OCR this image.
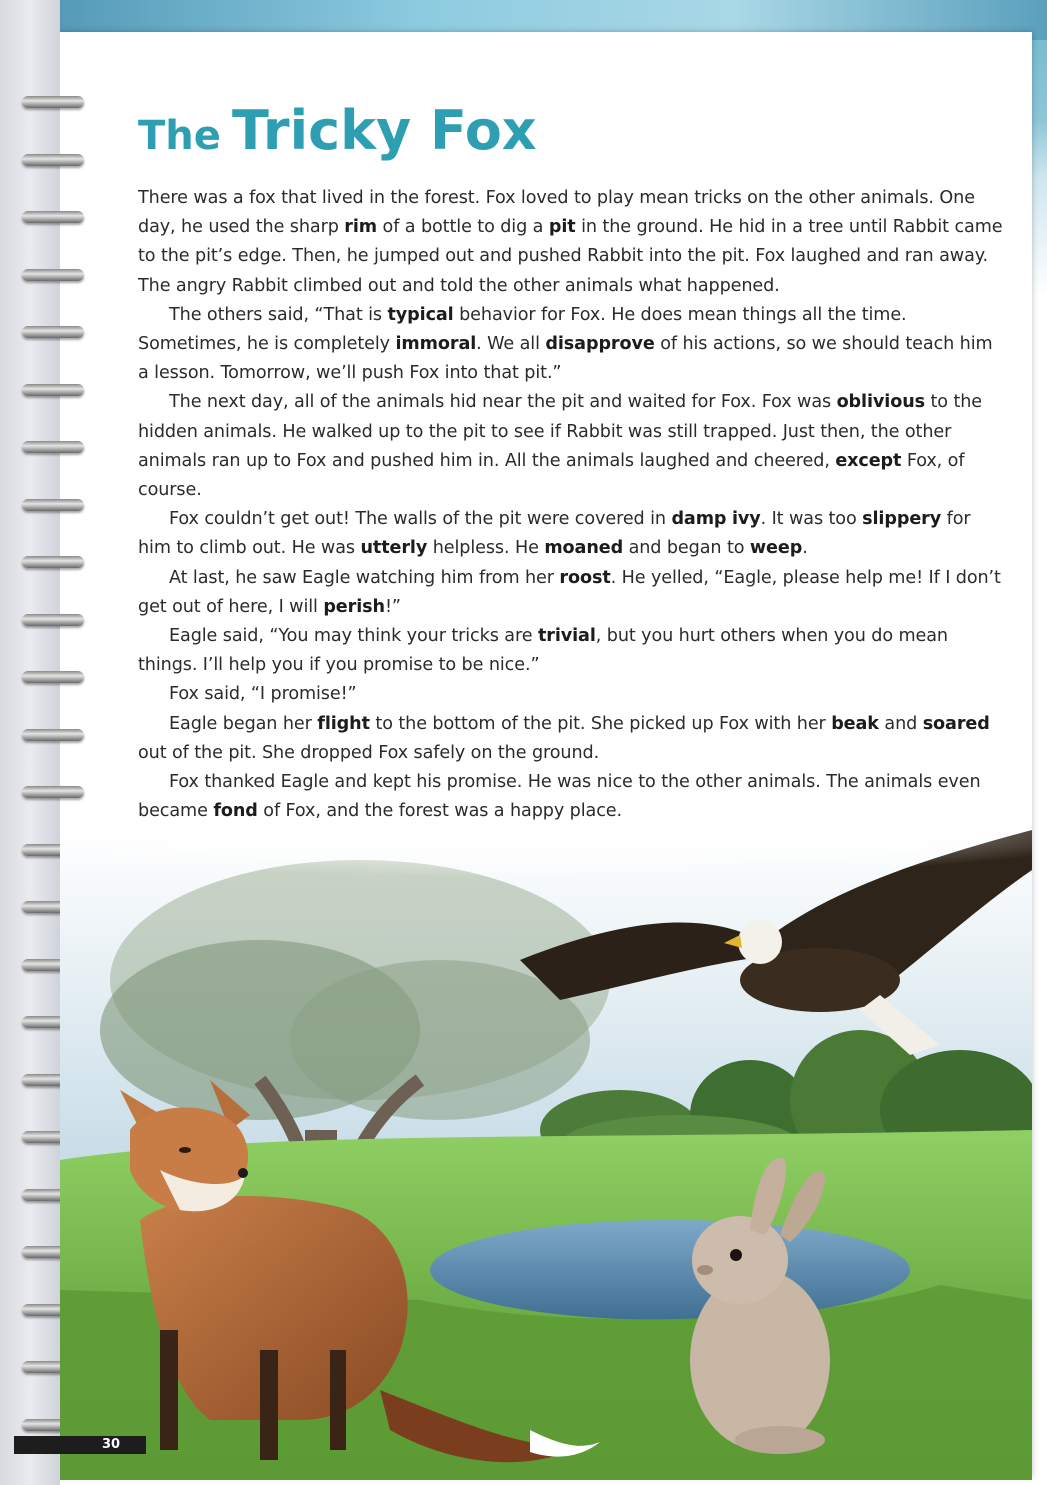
The Tricky Fox

There was a fox that lived in the forest. Fox loved to play mean tricks on the other animals. One day, he used the sharp rim of a bottle to dig a pit in the ground. He hid in a tree until Rabbit came to the pit’s edge. Then, he jumped out and pushed Rabbit into the pit. Fox laughed and ran away. The angry Rabbit climbed out and told the other animals what happened.

The others said, “That is typical behavior for Fox. He does mean things all the time. Sometimes, he is completely immoral. We all disapprove of his actions, so we should teach him a lesson. Tomorrow, we’ll push Fox into that pit.”

The next day, all of the animals hid near the pit and waited for Fox. Fox was oblivious to the hidden animals. He walked up to the pit to see if Rabbit was still trapped. Just then, the other animals ran up to Fox and pushed him in. All the animals laughed and cheered, except Fox, of course.

Fox couldn’t get out! The walls of the pit were covered in damp ivy. It was too slippery for him to climb out. He was utterly helpless. He moaned and began to weep.

At last, he saw Eagle watching him from her roost. He yelled, “Eagle, please help me! If I don’t get out of here, I will perish!”

Eagle said, “You may think your tricks are trivial, but you hurt others when you do mean things. I’ll help you if you promise to be nice.”

Fox said, “I promise!”

Eagle began her flight to the bottom of the pit. She picked up Fox with her beak and soared out of the pit. She dropped Fox safely on the ground.

Fox thanked Eagle and kept his promise. He was nice to the other animals. The animals even became fond of Fox, and the forest was a happy place.

30
